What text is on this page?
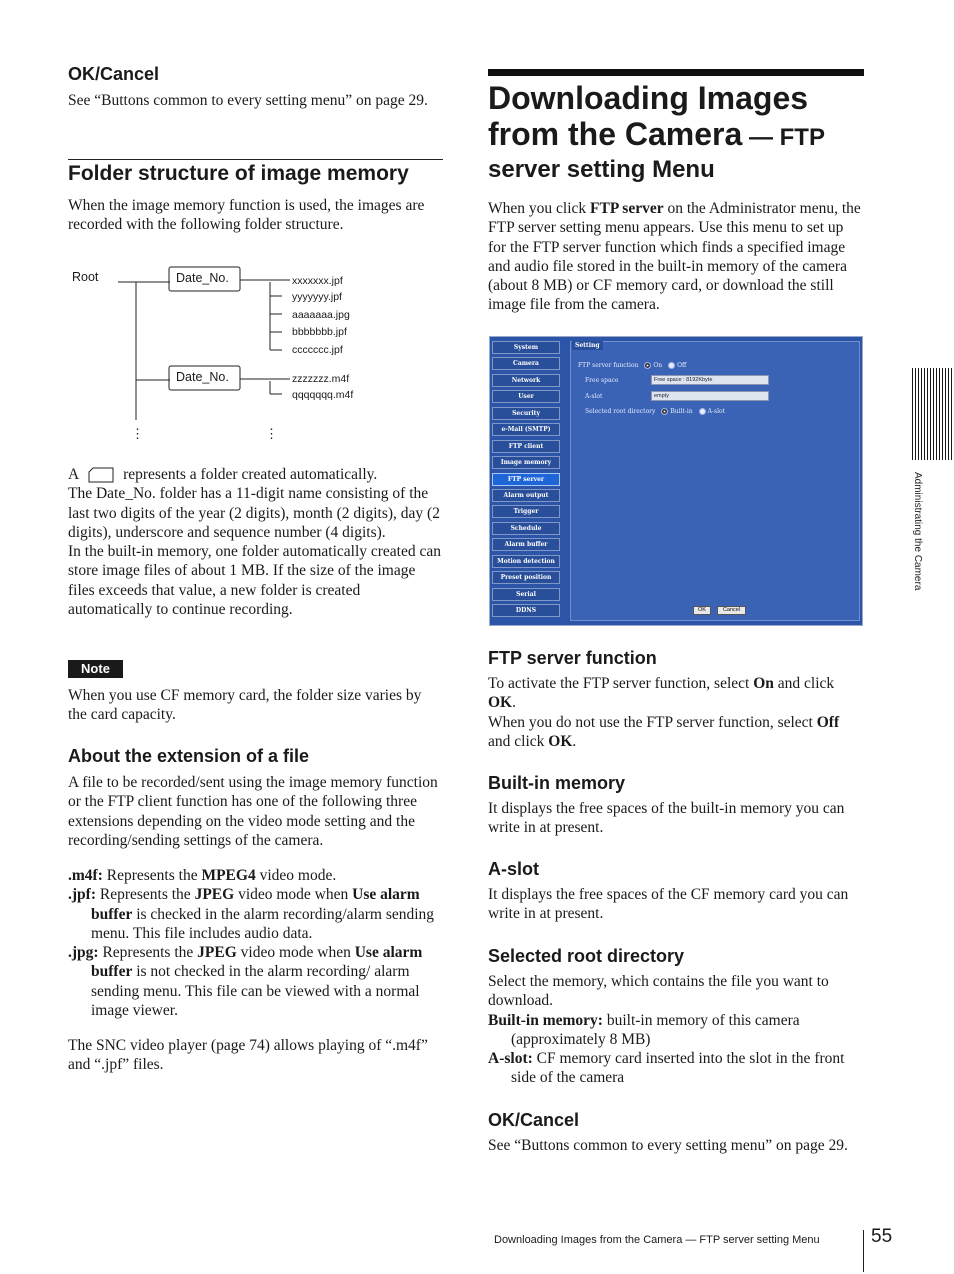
OK/Cancel

See “Buttons common to every setting menu” on page 29.

Folder structure of image memory

When the image memory function is used, the images are recorded with the following folder structure.

Root	Date_No.
Date_No.
xxxxxxx.jpf
yyyyyyy.jpf
aaaaaaa.jpg
bbbbbbb.jpf
ccccccc.jpf
zzzzzzz.m4f
qqqqqqq.m4f
⋮	⋮

A	represents a folder created automatically.

The Date_No. folder has a 11-digit name consisting of the last two digits of the year (2 digits), month (2 digits), day (2 digits), underscore and sequence number (4 digits).

In the built-in memory, one folder automatically created can store image files of about 1 MB. If the size of the image files exceeds that value, a new folder is created automatically to continue recording.

Note

When you use CF memory card, the folder size varies by the card capacity.

About the extension of a file

A file to be recorded/sent using the image memory function or the FTP client function has one of the following three extensions depending on the video mode setting and the recording/sending settings of the camera.

.m4f: Represents the MPEG4 video mode.

.jpf: Represents the JPEG video mode when Use alarm buffer is checked in the alarm recording/alarm sending menu. This file includes audio data.

.jpg: Represents the JPEG video mode when Use alarm buffer is not checked in the alarm recording/ alarm sending menu. This file can be viewed with a normal image viewer.

The SNC video player (page 74) allows playing of “.m4f” and “.jpf” files.

Downloading Images
from the Camera — FTP
server setting Menu

When you click FTP server on the Administrator menu, the FTP server setting menu appears. Use this menu to set up for the FTP server function which finds a specified image and audio file stored in the built-in memory of the camera (about 8 MB) or CF memory card, or download the still image file from the camera.

System
Camera
Network
User
Security
e-Mail (SMTP)
FTP client
Image memory
FTP server
Alarm output
Trigger
Schedule
Alarm buffer
Motion detection
Preset position
Serial
DDNS
Setting
FTP server function On Off
Free space	Free space : 8192Kbyte
A-slot	empty
Selected root directory Built-in A-slot
OK	Cancel
FTP server function

To activate the FTP server function, select On and click OK.

When you do not use the FTP server function, select Off and click OK.

Built-in memory

It displays the free spaces of the built-in memory you can write in at present.

A-slot

It displays the free spaces of the CF memory card you can write in at present.

Selected root directory

Select the memory, which contains the file you want to download.

Built-in memory: built-in memory of this camera (approximately 8 MB)

A-slot: CF memory card inserted into the slot in the front side of the camera

OK/Cancel

See “Buttons common to every setting menu” on page 29.

Administrating the Camera
Downloading Images from the Camera — FTP server setting Menu	55
